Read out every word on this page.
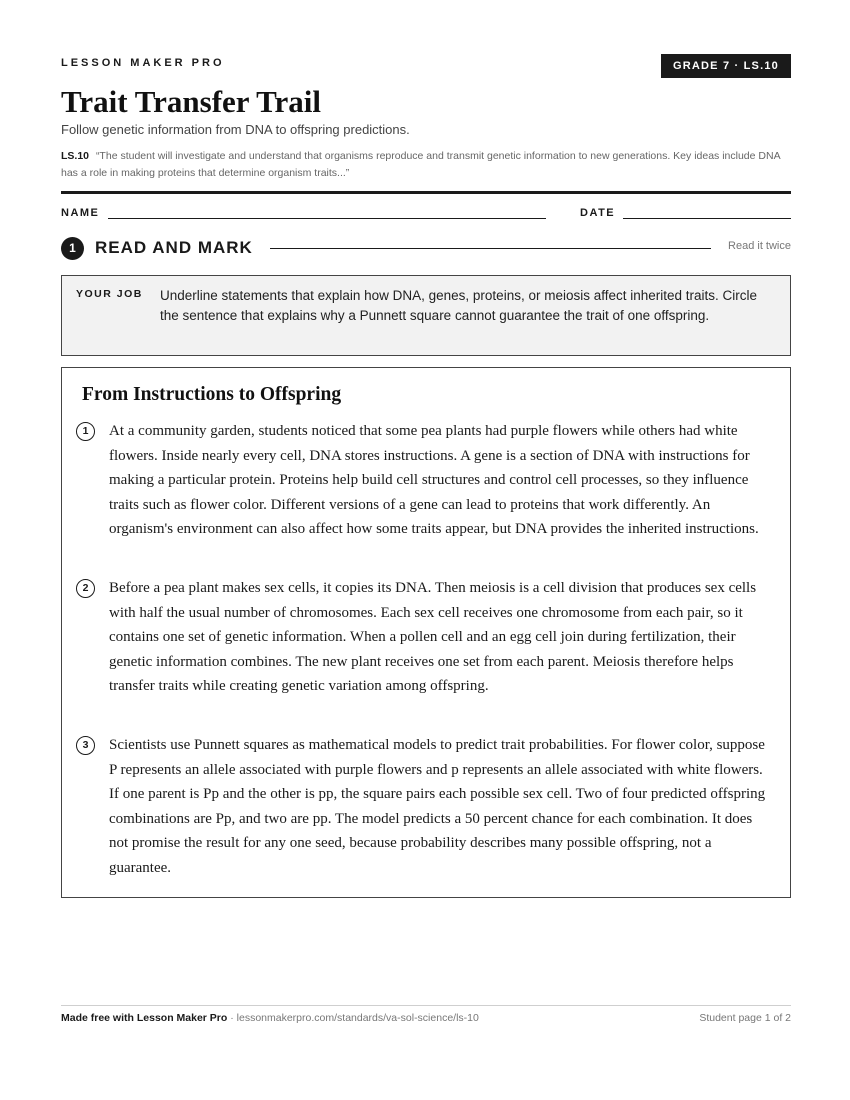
LESSON MAKER PRO	GRADE 7 · LS.10
Trait Transfer Trail
Follow genetic information from DNA to offspring predictions.
LS.10 “The student will investigate and understand that organisms reproduce and transmit genetic information to new generations. Key ideas include DNA has a role in making proteins that determine organism traits...”
NAME	DATE
1	READ AND MARK	Read it twice
YOUR JOB Underline statements that explain how DNA, genes, proteins, or meiosis affect inherited traits. Circle the sentence that explains why a Punnett square cannot guarantee the trait of one offspring.
From Instructions to Offspring
1	At a community garden, students noticed that some pea plants had purple flowers while others had white flowers. Inside nearly every cell, DNA stores instructions. A gene is a section of DNA with instructions for making a particular protein. Proteins help build cell structures and control cell processes, so they influence traits such as flower color. Different versions of a gene can lead to proteins that work differently. An organism's environment can also affect how some traits appear, but DNA provides the inherited instructions.
2	Before a pea plant makes sex cells, it copies its DNA. Then meiosis is a cell division that produces sex cells with half the usual number of chromosomes. Each sex cell receives one chromosome from each pair, so it contains one set of genetic information. When a pollen cell and an egg cell join during fertilization, their genetic information combines. The new plant receives one set from each parent. Meiosis therefore helps transfer traits while creating genetic variation among offspring.
3	Scientists use Punnett squares as mathematical models to predict trait probabilities. For flower color, suppose P represents an allele associated with purple flowers and p represents an allele associated with white flowers. If one parent is Pp and the other is pp, the square pairs each possible sex cell. Two of four predicted offspring combinations are Pp, and two are pp. The model predicts a 50 percent chance for each combination. It does not promise the result for any one seed, because probability describes many possible offspring, not a guarantee.
Made free with Lesson Maker Pro · lessonmakerpro.com/standards/va-sol-science/ls-10	Student page 1 of 2
